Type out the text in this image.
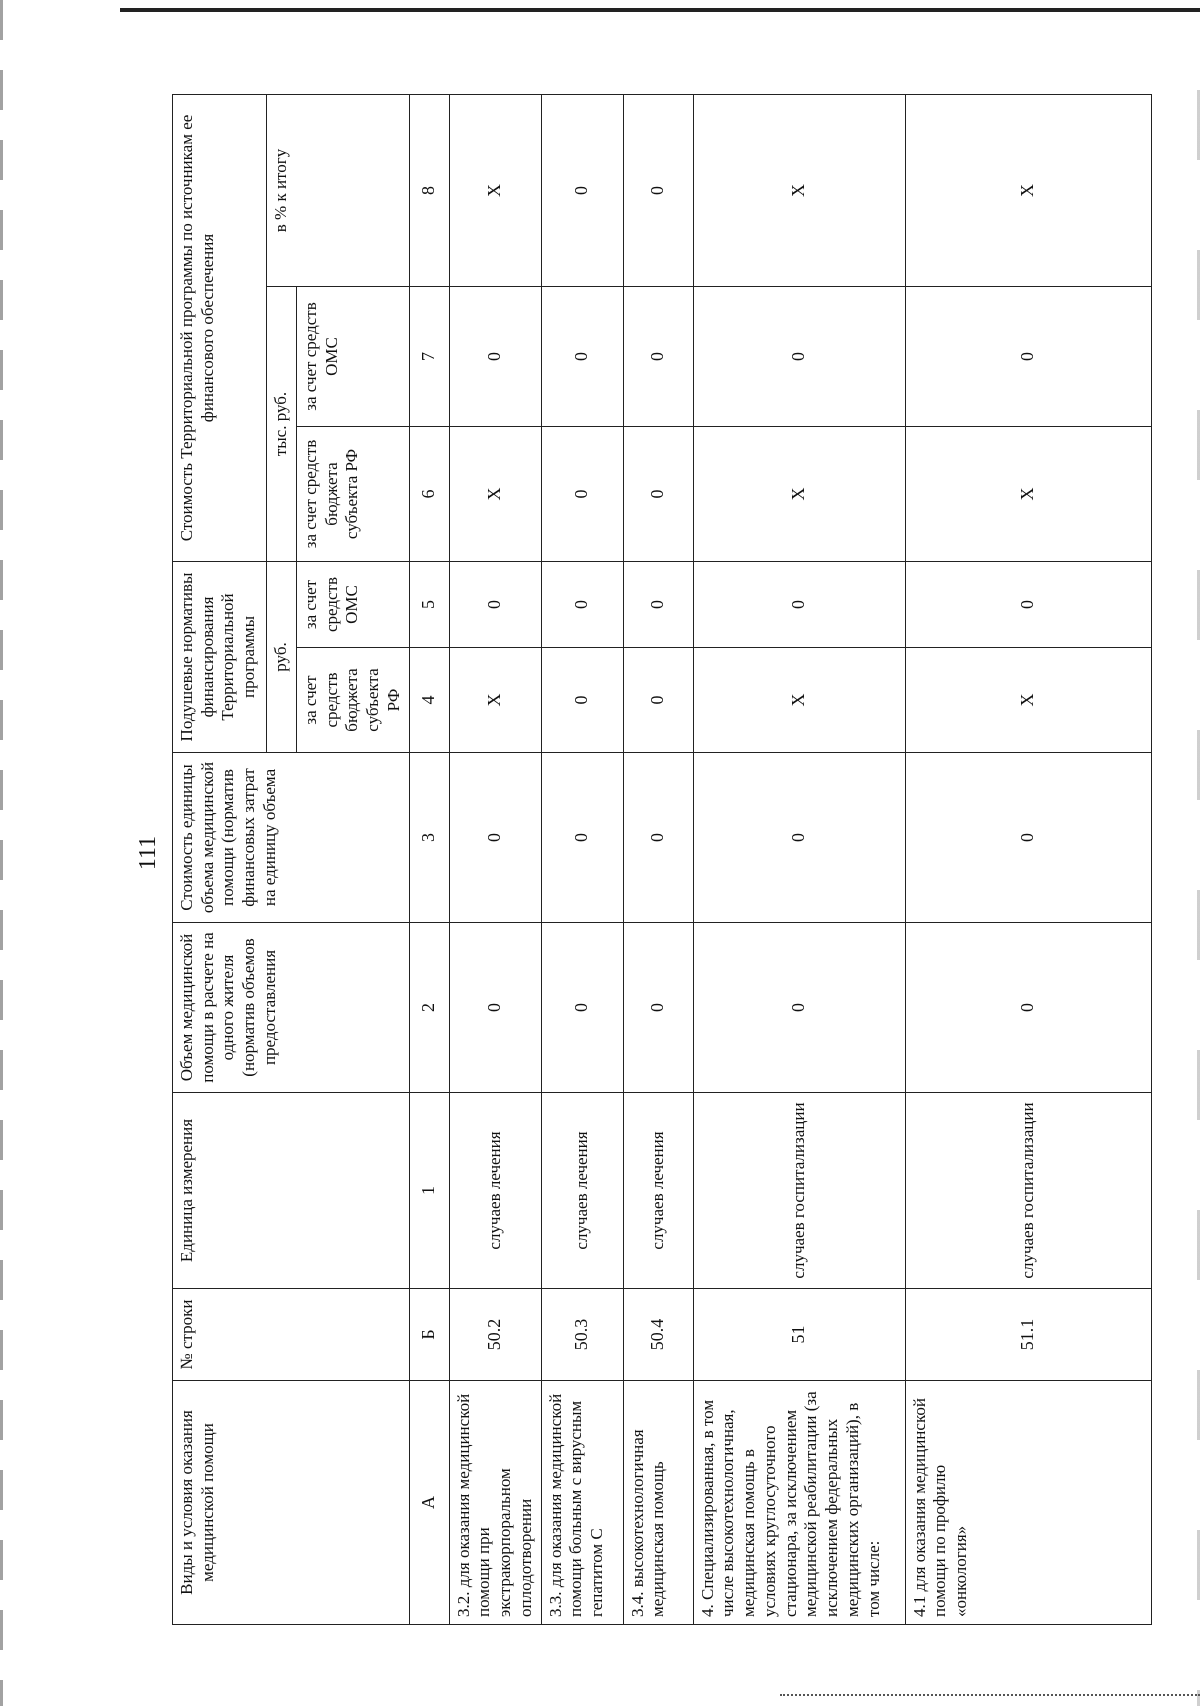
111
Виды и условия оказания медицинской помощи	№ строки	Единица измерения	Объем медицинской помощи в расчете на одного жителя (норматив объемов предоставления	Стоимость единицы объема медицинской помощи (норматив финансовых затрат на единицу объема	Подушевые нормативы финансирования Территориальной программы		Стоимость Территориальной программы по источникам ее финансового обеспечения		
					руб.		тыс. руб.		в % к итогу
					за счет средств бюджета субъекта РФ	за счет средств ОМС	за счет средств бюджета субъекта РФ	за счет средств ОМС	
А	Б	1	2	3	4	5	6	7	8
3.2. для оказания медицинской помощи при экстракорпоральном оплодотворении	50.2	случаев лечения	0	0	Х	0	Х	0	Х
3.3. для оказания медицинской помощи больным с вирусным гепатитом С	50.3	случаев лечения	0	0	0	0	0	0	0
3.4. высокотехнологичная медицинская помощь	50.4	случаев лечения	0	0	0	0	0	0	0
4. Специализированная, в том числе высокотехнологичная, медицинская помощь в условиях круглосуточного стационара, за исключением медицинской реабилитации (за исключением федеральных медицинских организаций), в том числе:	51	случаев госпитализации	0	0	Х	0	Х	0	Х
4.1 для оказания медицинской помощи по профилю «онкология»	51.1	случаев госпитализации	0	0	Х	0	Х	0	Х
